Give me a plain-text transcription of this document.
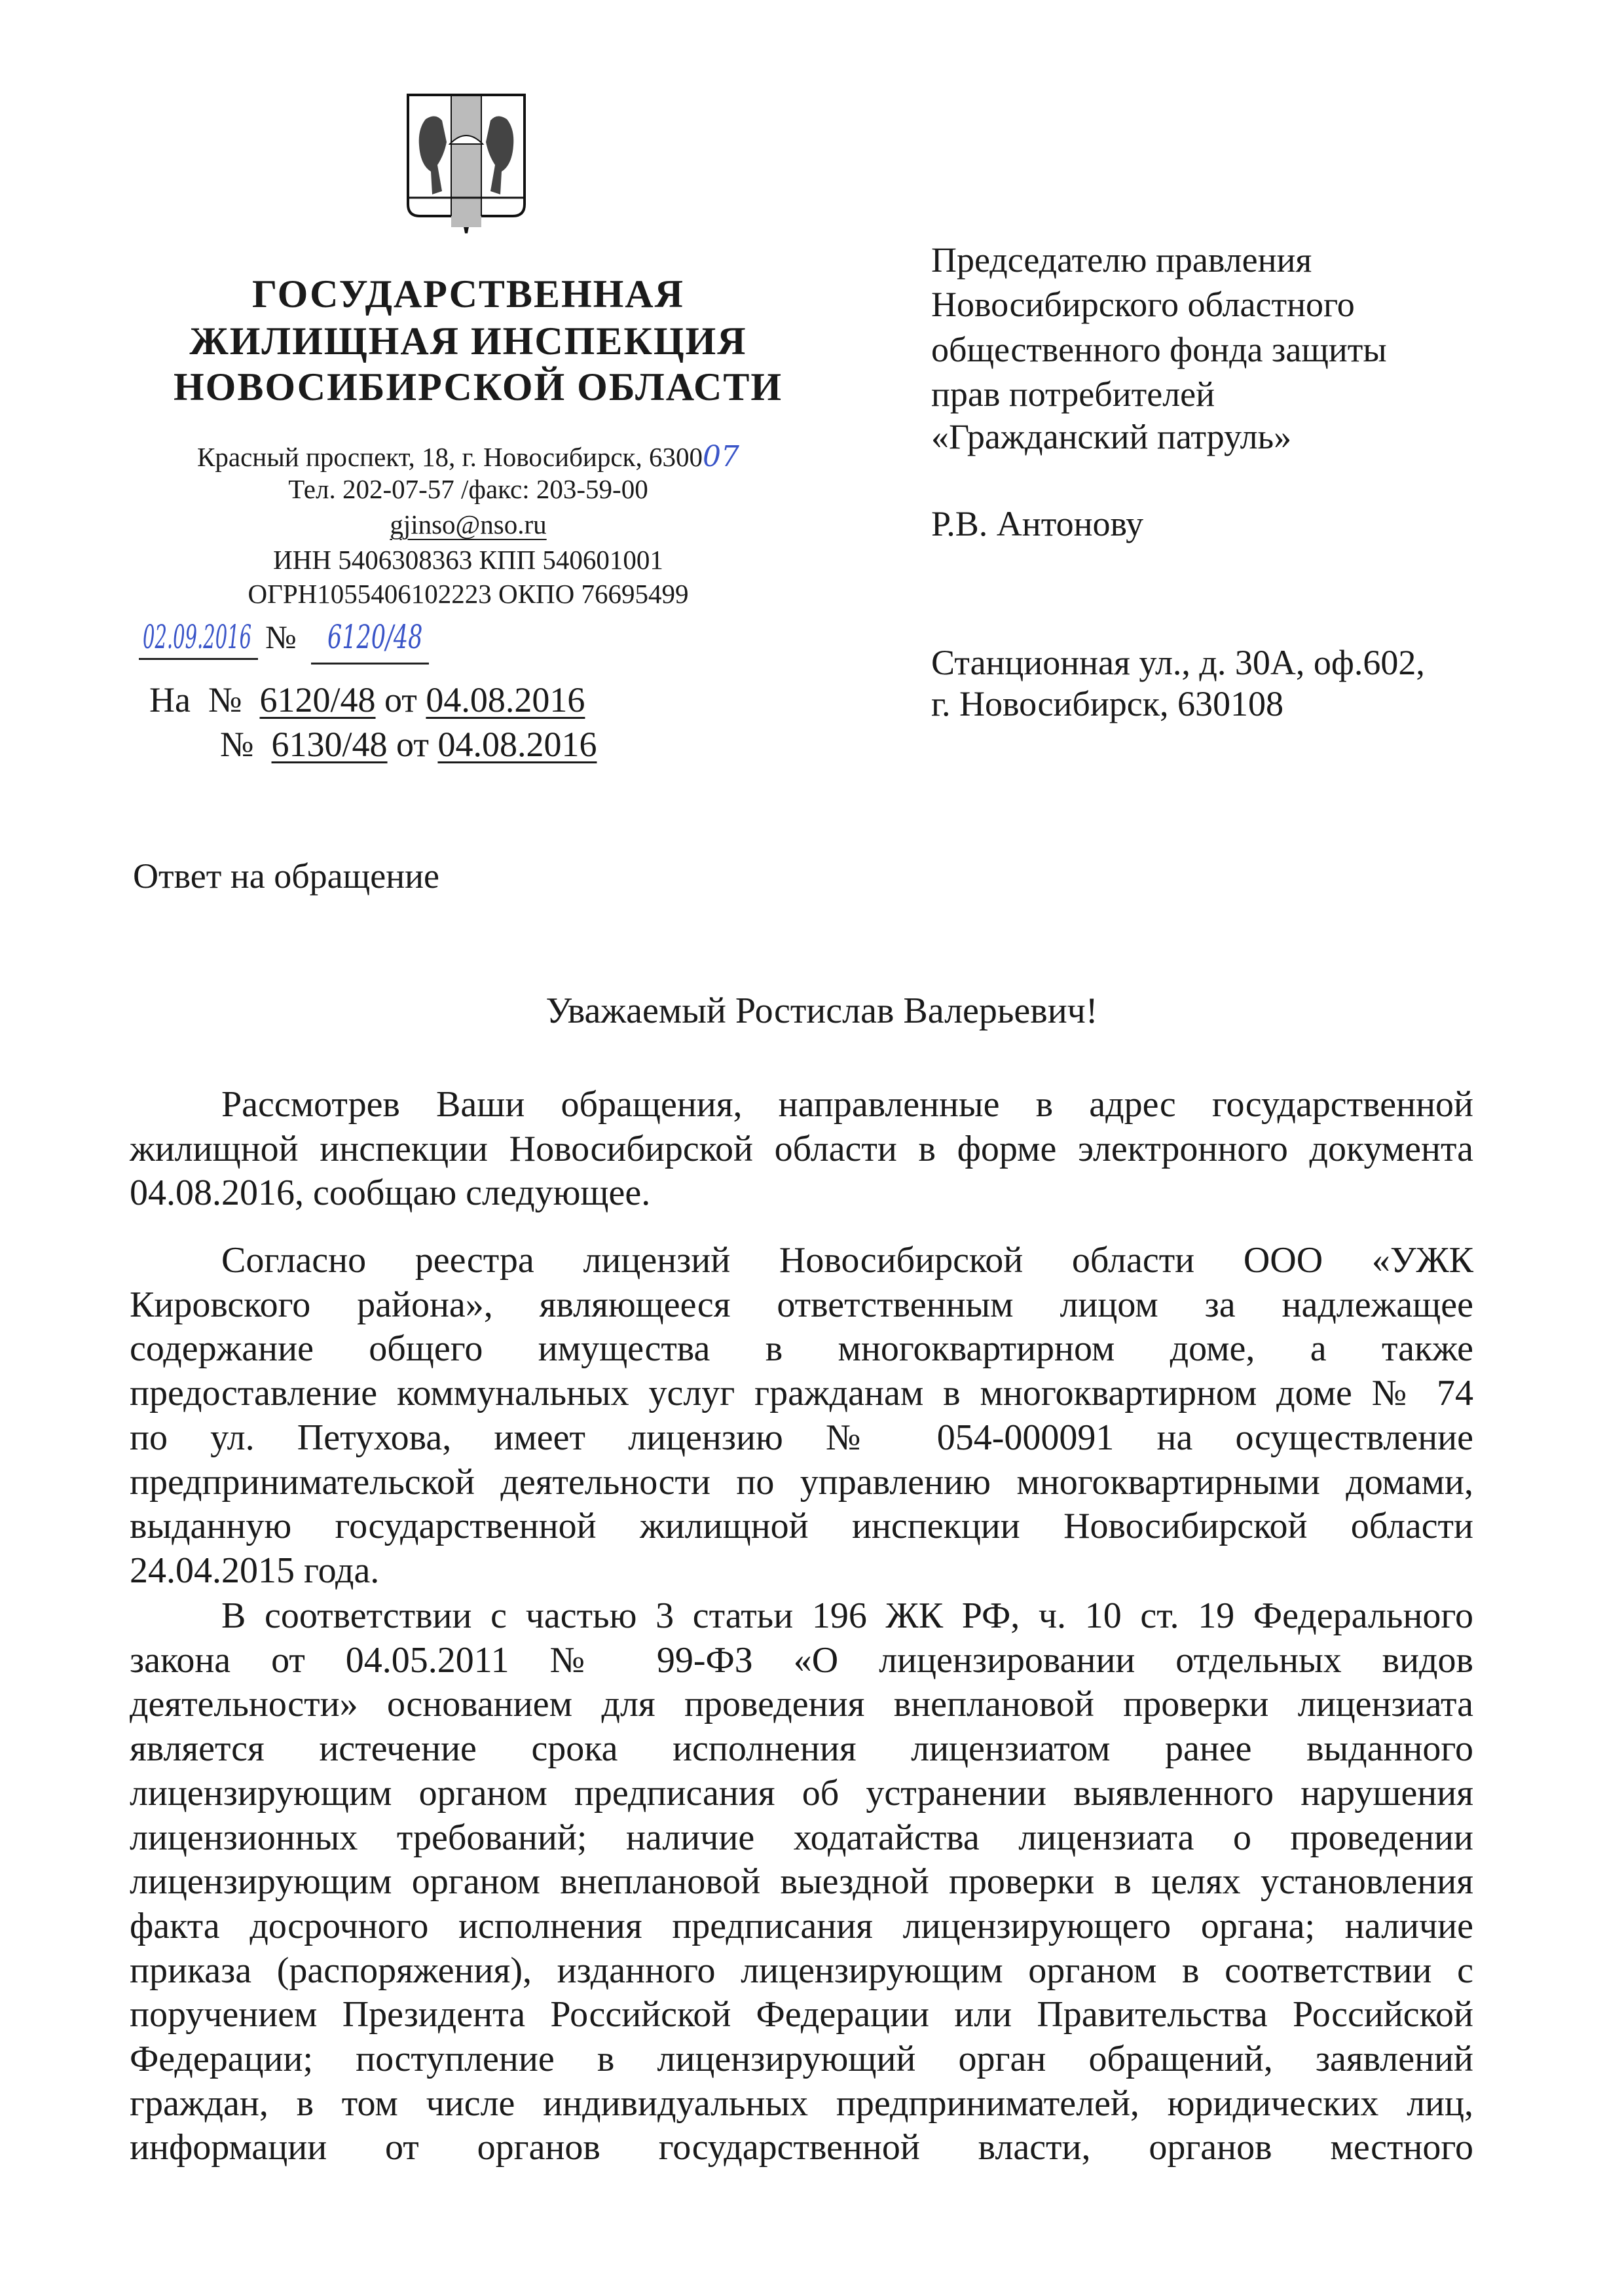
ГОСУДАРСТВЕННАЯ
ЖИЛИЩНАЯ ИНСПЕКЦИЯ
НОВОСИБИРСКОЙ ОБЛАСТИ
Красный проспект, 18, г. Новосибирск, 630007
Тел. 202-07-57 /факс: 203-59-00
gjinso@nso.ru
ИНН 5406308363 КПП 540601001
ОГРН1055406102223 ОКПО 76695499
02.09.2016 № 6120/48
На № 6120/48 от 04.08.2016
№ 6130/48 от 04.08.2016
Председателю правления
Новосибирского областного
общественного фонда защиты
прав потребителей
«Гражданский патруль»
Р.В. Антонову
Станционная ул., д. 30А, оф.602,
г. Новосибирск, 630108
Ответ на обращение
Уважаемый Ростислав Валерьевич!
Рассмотрев Ваши обращения, направленные в адрес государственной
жилищной инспекции Новосибирской области в форме электронного документа
04.08.2016, сообщаю следующее.
Согласно реестра лицензий Новосибирской области ООО «УЖК
Кировского района», являющееся ответственным лицом за надлежащее
содержание общего имущества в многоквартирном доме, а также
предоставление коммунальных услуг гражданам в многоквартирном доме № 74
по ул. Петухова, имеет лицензию № 054-000091 на осуществление
предпринимательской деятельности по управлению многоквартирными домами,
выданную государственной жилищной инспекции Новосибирской области
24.04.2015 года.
В соответствии с частью 3 статьи 196 ЖК РФ, ч. 10 ст. 19 Федерального
закона от 04.05.2011 № 99-ФЗ «О лицензировании отдельных видов
деятельности» основанием для проведения внеплановой проверки лицензиата
является истечение срока исполнения лицензиатом ранее выданного
лицензирующим органом предписания об устранении выявленного нарушения
лицензионных требований; наличие ходатайства лицензиата о проведении
лицензирующим органом внеплановой выездной проверки в целях установления
факта досрочного исполнения предписания лицензирующего органа; наличие
приказа (распоряжения), изданного лицензирующим органом в соответствии с
поручением Президента Российской Федерации или Правительства Российской
Федерации; поступление в лицензирующий орган обращений, заявлений
граждан, в том числе индивидуальных предпринимателей, юридических лиц,
информации от органов государственной власти, органов местного
